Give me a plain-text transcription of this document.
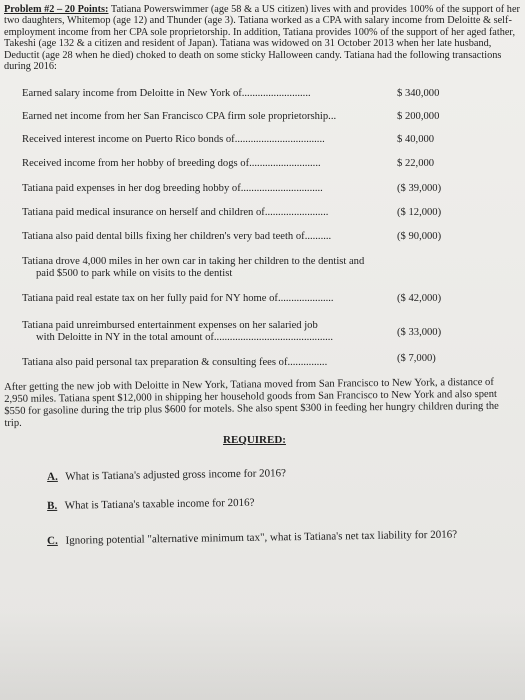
Problem #2 – 20 Points: Tatiana Powerswimmer (age 58 & a US citizen) lives with and provides 100% of the support of her two daughters, Whitemop (age 12) and Thunder (age 3). Tatiana worked as a CPA with salary income from Deloitte & self-employment income from her CPA sole proprietorship. In addition, Tatiana provides 100% of the support of her aged father, Takeshi (age 132 & a citizen and resident of Japan). Tatiana was widowed on 31 October 2013 when her late husband, Deductit (age 28 when he died) choked to death on some sticky Halloween candy. Tatiana had the following transactions during 2016:
Earned salary income from Deloitte in New York of..........................	$ 340,000
Earned net income from her San Francisco CPA firm sole proprietorship...	$ 200,000
Received interest income on Puerto Rico bonds of..................................	$ 40,000
Received income from her hobby of breeding dogs of...........................	$ 22,000
Tatiana paid expenses in her dog breeding hobby of...............................	($ 39,000)
Tatiana paid medical insurance on herself and children of........................	($ 12,000)
Tatiana also paid dental bills fixing her children's very bad teeth of..........	($ 90,000)
Tatiana drove 4,000 miles in her own car in taking her children to the dentist and
paid $500 to park while on visits to the dentist
Tatiana paid real estate tax on her fully paid for NY home of.....................	($ 42,000)
Tatiana paid unreimbursed entertainment expenses on her salaried job
with Deloitte in NY in the total amount of.............................................	($ 33,000)
Tatiana also paid personal tax preparation & consulting fees of...............	($ 7,000)
After getting the new job with Deloitte in New York, Tatiana moved from San Francisco to New York, a distance of 2,950 miles. Tatiana spent $12,000 in shipping her household goods from San Francisco to New York and also spent $550 for gasoline during the trip plus $600 for motels. She also spent $300 in feeding her hungry children during the trip.
REQUIRED:
A. What is Tatiana's adjusted gross income for 2016?
B. What is Tatiana's taxable income for 2016?
C. Ignoring potential "alternative minimum tax", what is Tatiana's net tax liability for 2016?
